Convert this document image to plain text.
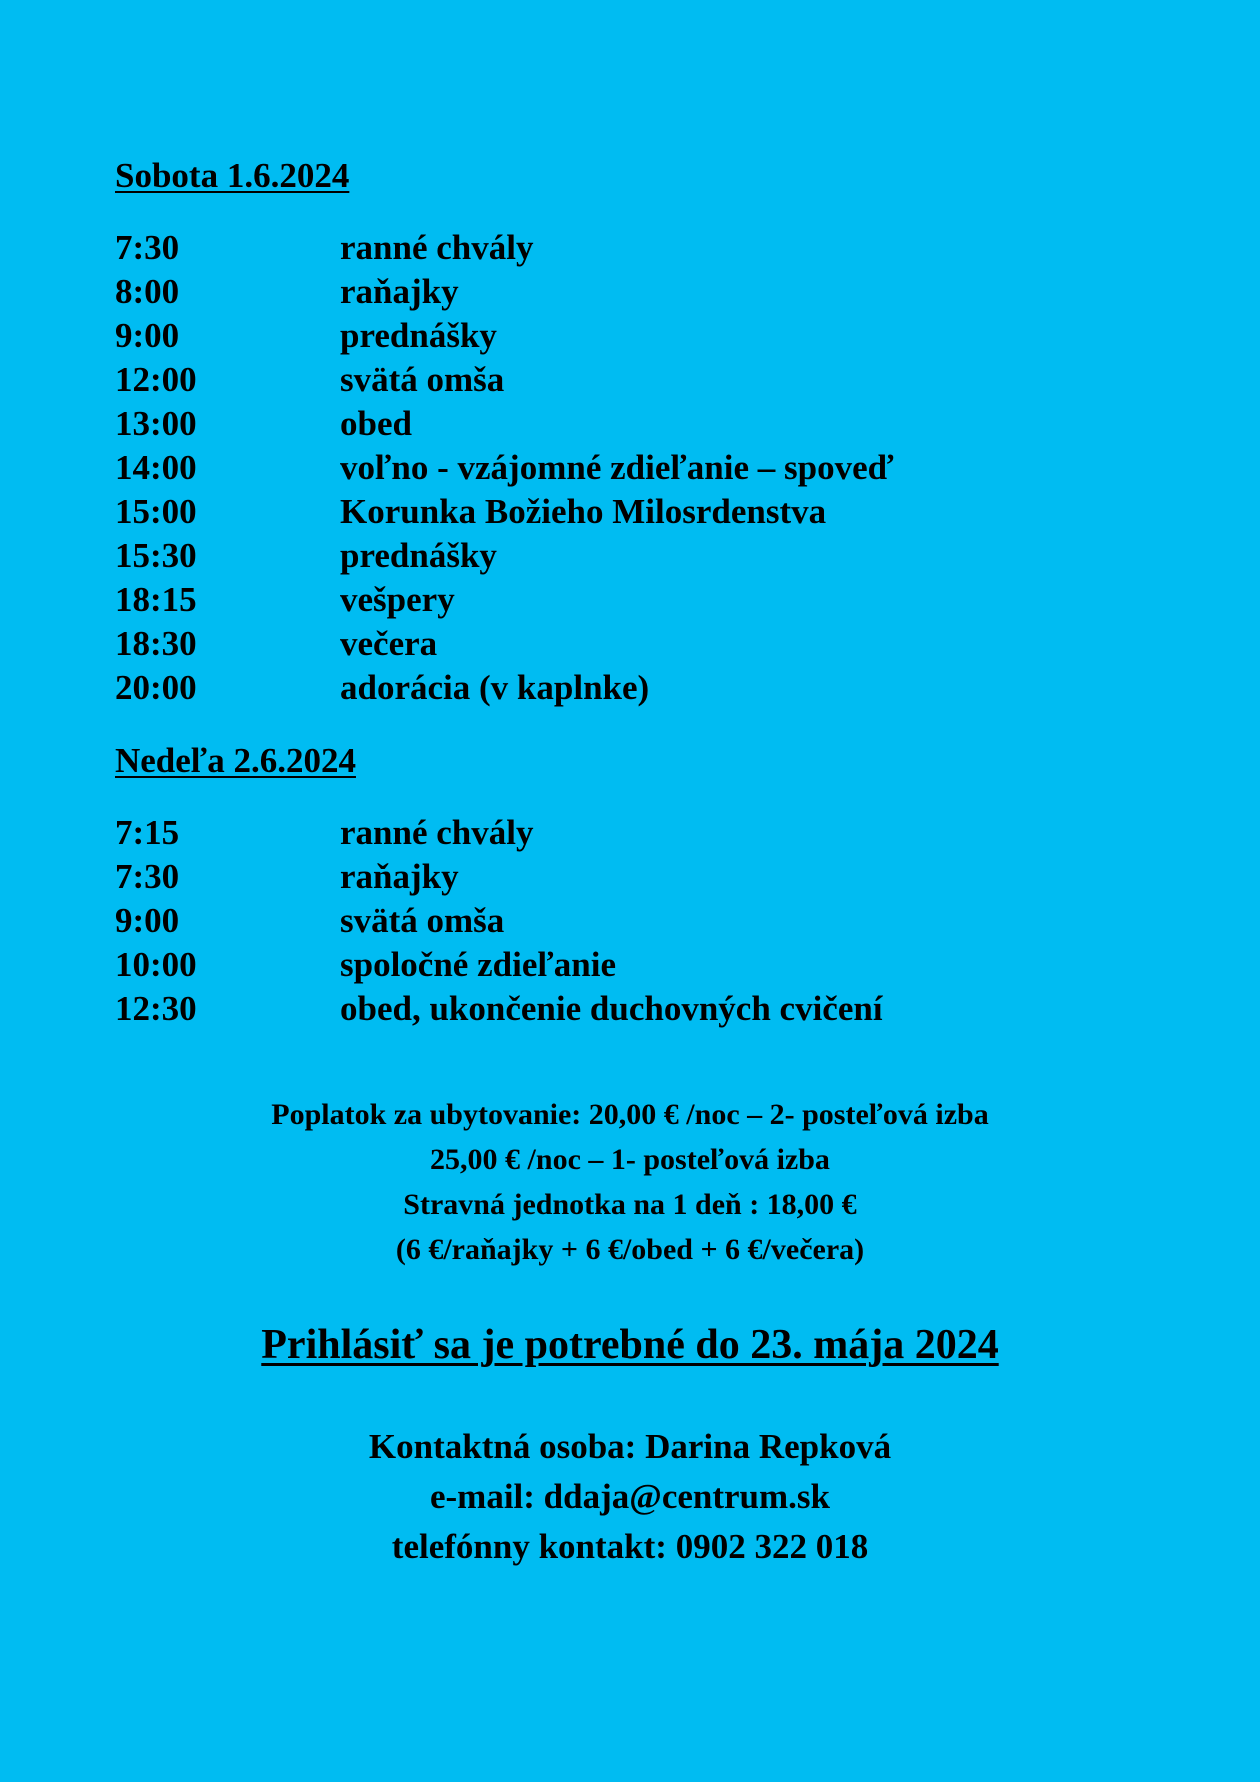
Sobota 1.6.2024
7:30	ranné chvály
8:00	raňajky
9:00	prednášky
12:00	svätá omša
13:00	obed
14:00	voľno - vzájomné zdieľanie – spoveď
15:00	Korunka Božieho Milosrdenstva
15:30	prednášky
18:15	vešpery
18:30	večera
20:00	adorácia (v kaplnke)
Nedeľa 2.6.2024
7:15	ranné chvály
7:30	raňajky
9:00	svätá omša
10:00	spoločné zdieľanie
12:30	obed, ukončenie duchovných cvičení

Poplatok za ubytovanie: 20,00 € /noc – 2- posteľová izba

25,00 € /noc – 1- posteľová izba

Stravná jednotka na 1 deň : 18,00 €

(6 €/raňajky + 6 €/obed + 6 €/večera)

Prihlásiť sa je potrebné do 23. mája 2024

Kontaktná osoba: Darina Repková

e-mail: ddaja@centrum.sk

telefónny kontakt: 0902 322 018
